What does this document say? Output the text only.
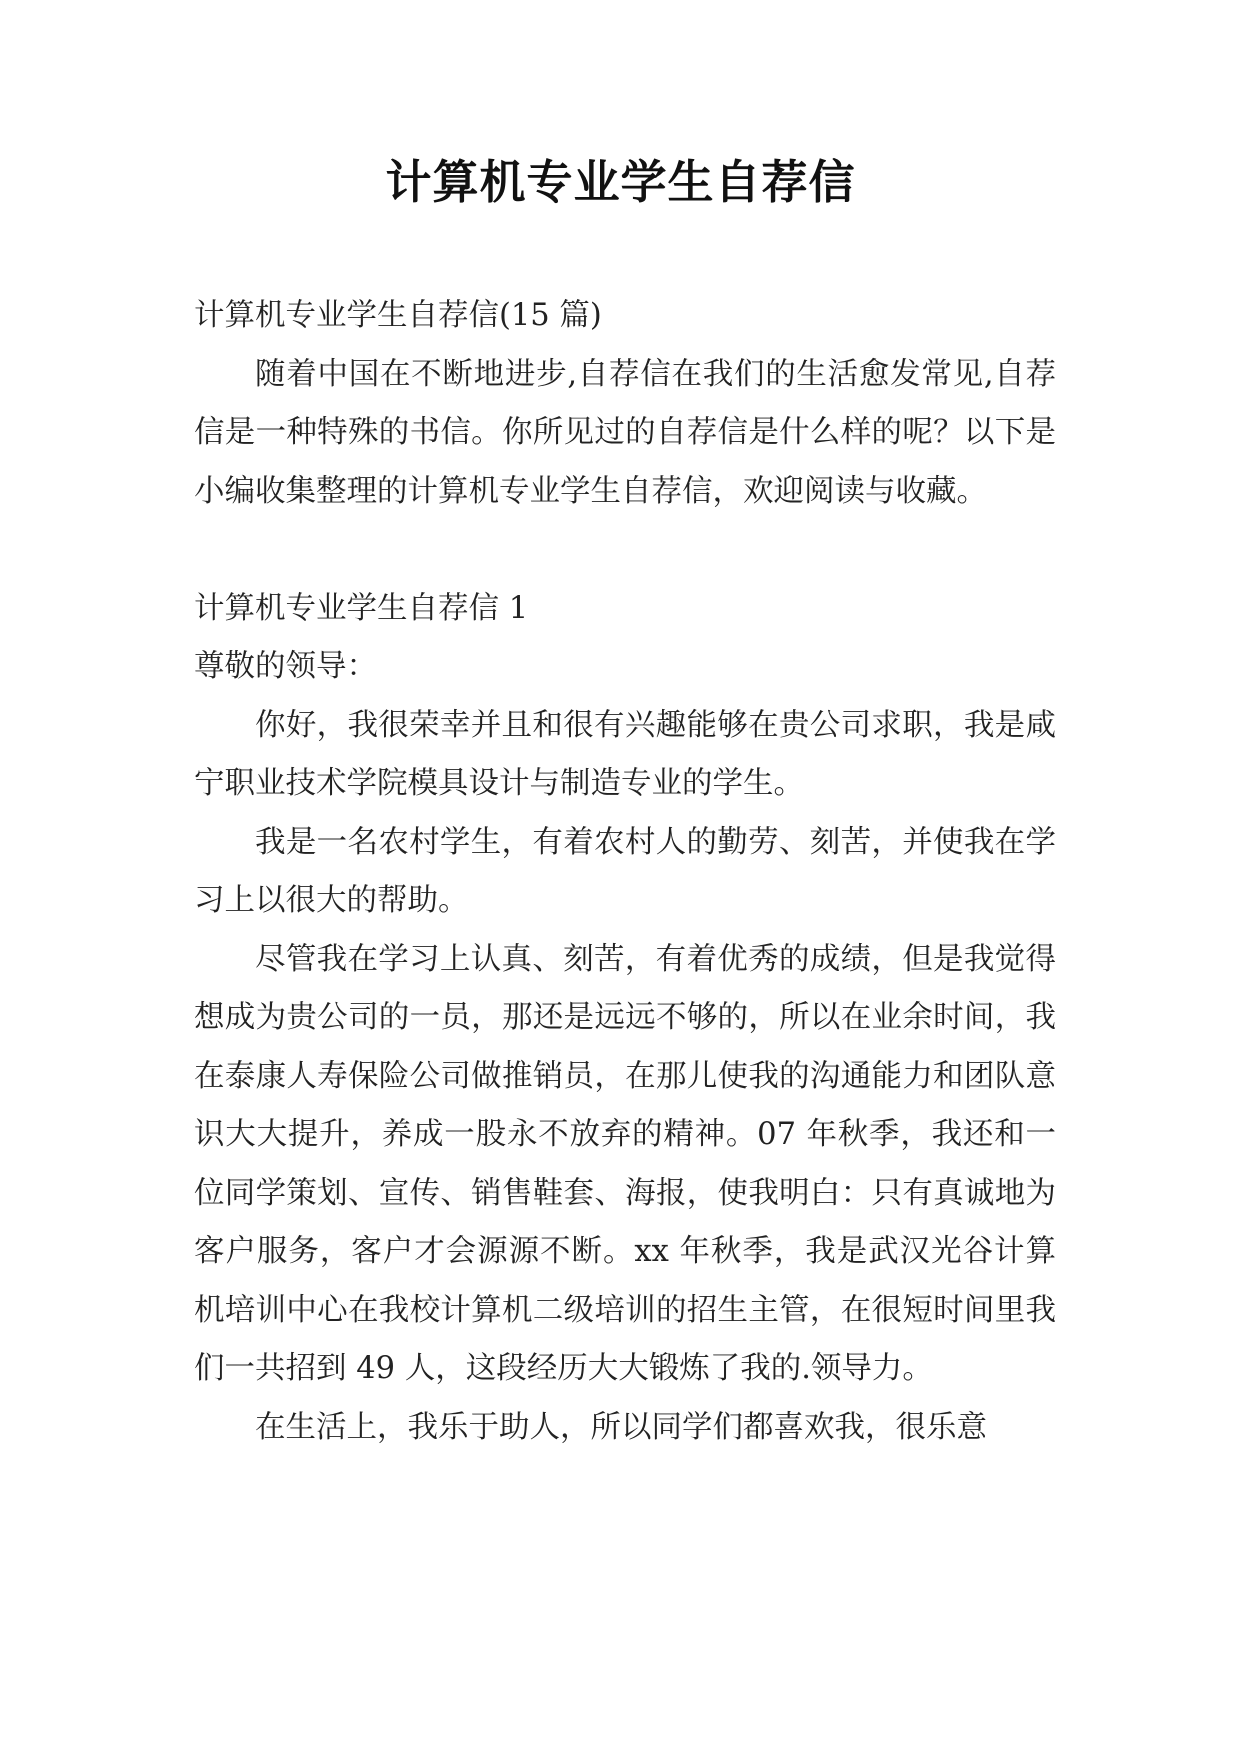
计算机专业学生自荐信

计算机专业学生自荐信(15 篇)

随着中国在不断地进步,自荐信在我们的生活愈发常见,自荐信是一种特殊的书信。你所见过的自荐信是什么样的呢？以下是小编收集整理的计算机专业学生自荐信，欢迎阅读与收藏。

计算机专业学生自荐信 1

尊敬的领导：

你好，我很荣幸并且和很有兴趣能够在贵公司求职，我是咸宁职业技术学院模具设计与制造专业的学生。

我是一名农村学生，有着农村人的勤劳、刻苦，并使我在学习上以很大的帮助。

尽管我在学习上认真、刻苦，有着优秀的成绩，但是我觉得想成为贵公司的一员，那还是远远不够的，所以在业余时间，我在泰康人寿保险公司做推销员，在那儿使我的沟通能力和团队意识大大提升，养成一股永不放弃的精神。07 年秋季，我还和一位同学策划、宣传、销售鞋套、海报，使我明白：只有真诚地为客户服务，客户才会源源不断。xx 年秋季，我是武汉光谷计算机培训中心在我校计算机二级培训的招生主管，在很短时间里我们一共招到 49 人，这段经历大大锻炼了我的.领导力。

在生活上，我乐于助人，所以同学们都喜欢我，很乐意
